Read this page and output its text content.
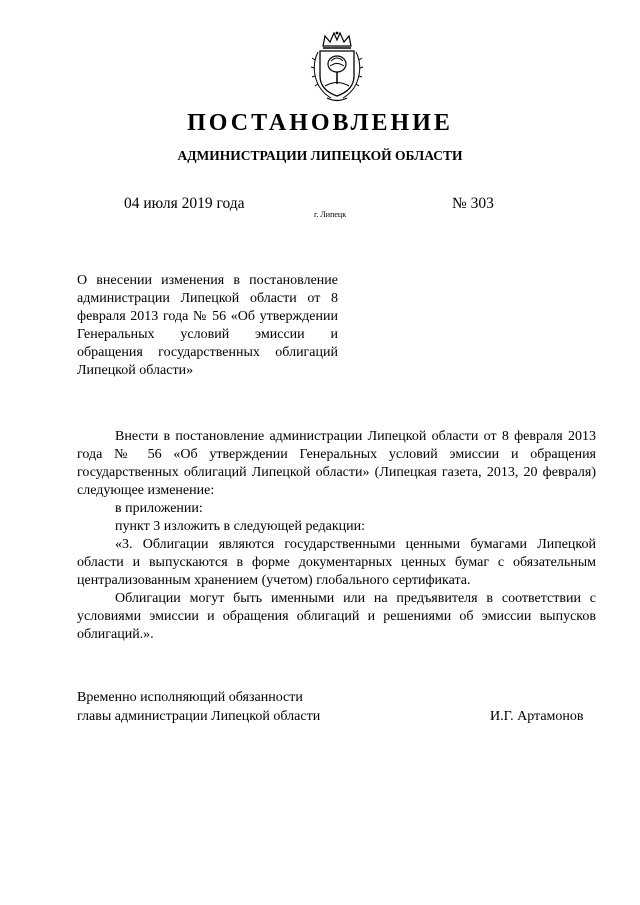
ПОСТАНОВЛЕНИЕ
АДМИНИСТРАЦИИ ЛИПЕЦКОЙ ОБЛАСТИ
04 июля 2019 года
г. Липецк
№ 303
О внесении изменения в постановление администрации Липецкой области от 8 февраля 2013 года № 56 «Об утверждении Генеральных условий эмиссии и обращения государственных облигаций Липецкой области»

Внести в постановление администрации Липецкой области от 8 февраля 2013 года № 56 «Об утверждении Генеральных условий эмиссии и обращения государственных облигаций Липецкой области» (Липецкая газета, 2013, 20 февраля) следующее изменение:

в приложении:

пункт 3 изложить в следующей редакции:

«3. Облигации являются государственными ценными бумагами Липецкой области и выпускаются в форме документарных ценных бумаг с обязательным централизованным хранением (учетом) глобального сертификата.

Облигации могут быть именными или на предъявителя в соответствии с условиями эмиссии и обращения облигаций и решениями об эмиссии выпусков облигаций.».

Временно исполняющий обязанности
главы администрации Липецкой области	И.Г. Артамонов
